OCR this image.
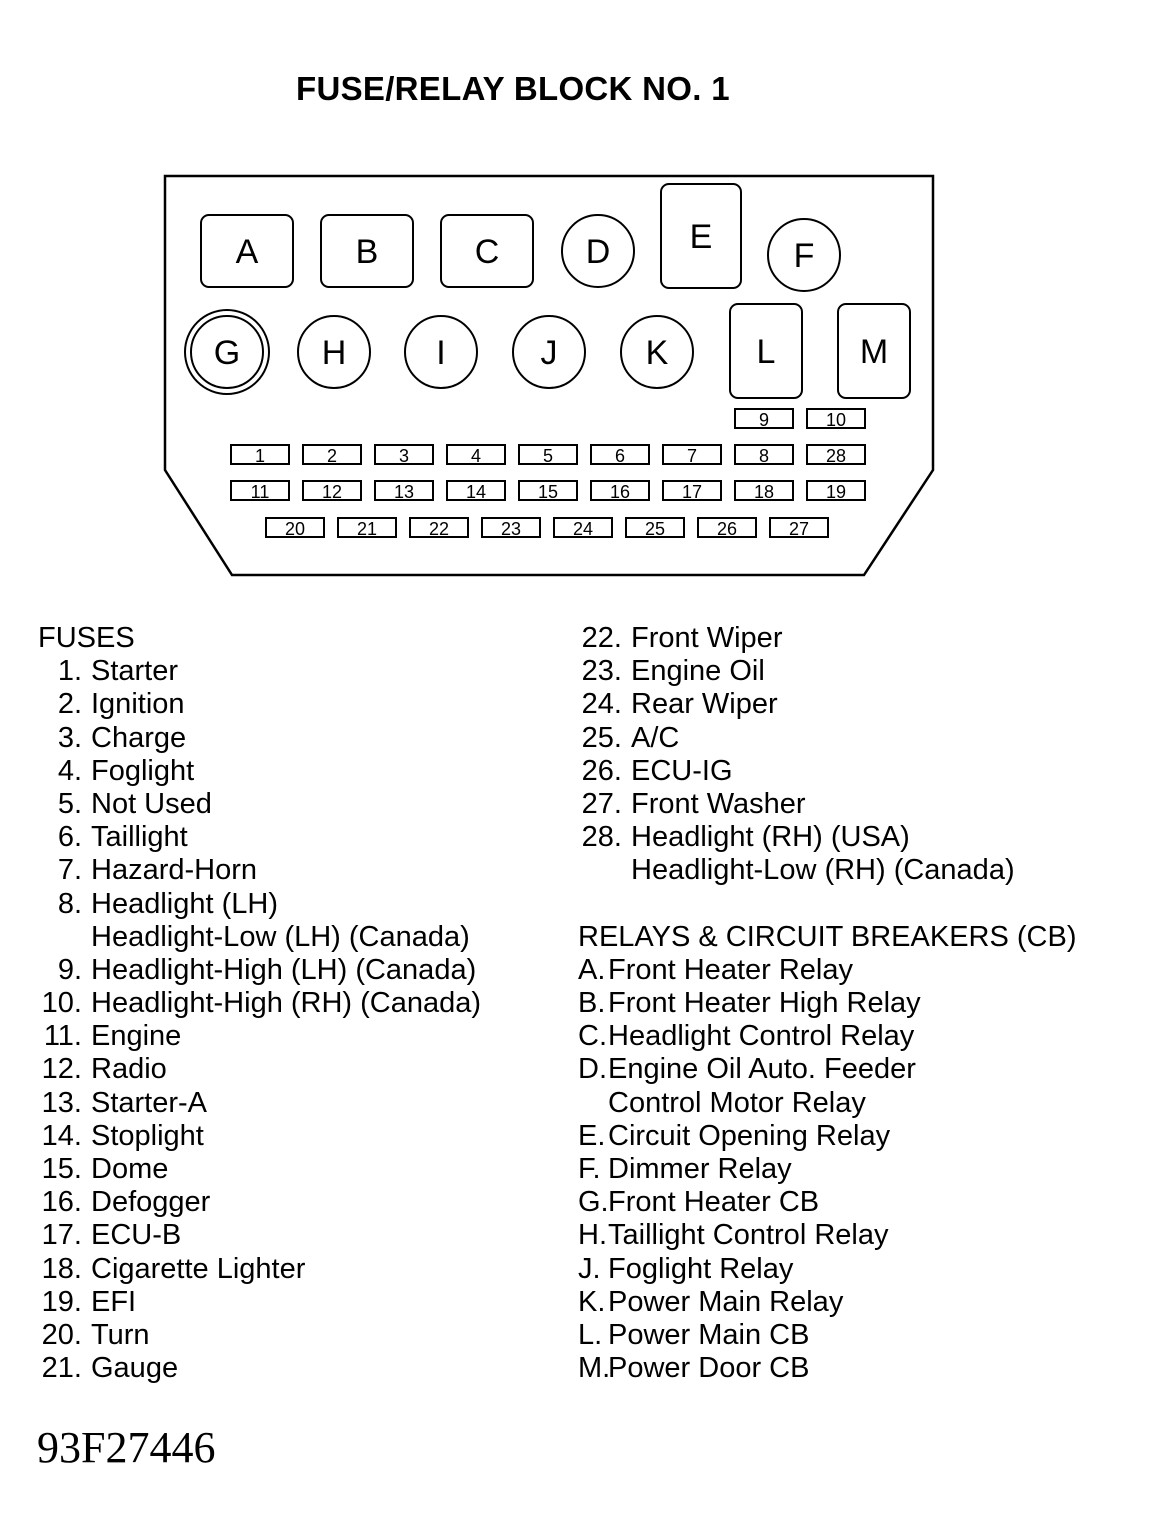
FUSE/RELAY BLOCK NO. 1
A	B	C	D E F
G H	I	J	K	L M
9	10
1	2	3	4	5	6	7	8	28
11	12	13	14	15	16	17	18	19
20	21	22	23	24	25	26	27
FUSES
1. Starter
2. Ignition
3. Charge
4. Foglight
5. Not Used
6. Taillight
7. Hazard-Horn
8. Headlight (LH)
Headlight-Low (LH) (Canada)
9. Headlight-High (LH) (Canada)
10. Headlight-High (RH) (Canada)
11. Engine
12. Radio
13. Starter-A
14. Stoplight
15. Dome
16. Defogger
17. ECU-B
18. Cigarette Lighter
19. EFI
20. Turn
21. Gauge
22. Front Wiper
23. Engine Oil
24. Rear Wiper
25. A/C
26. ECU-IG
27. Front Washer
28. Headlight (RH) (USA)
Headlight-Low (RH) (Canada)
RELAYS & CIRCUIT BREAKERS (CB)
A. Front Heater Relay
B. Front Heater High Relay
C. Headlight Control Relay
D. Engine Oil Auto. Feeder
Control Motor Relay
E. Circuit Opening Relay
F. Dimmer Relay
G. Front Heater CB
H. Taillight Control Relay
J. Foglight Relay
K. Power Main Relay
L. Power Main CB
M.
Power Door CB
93F27446
